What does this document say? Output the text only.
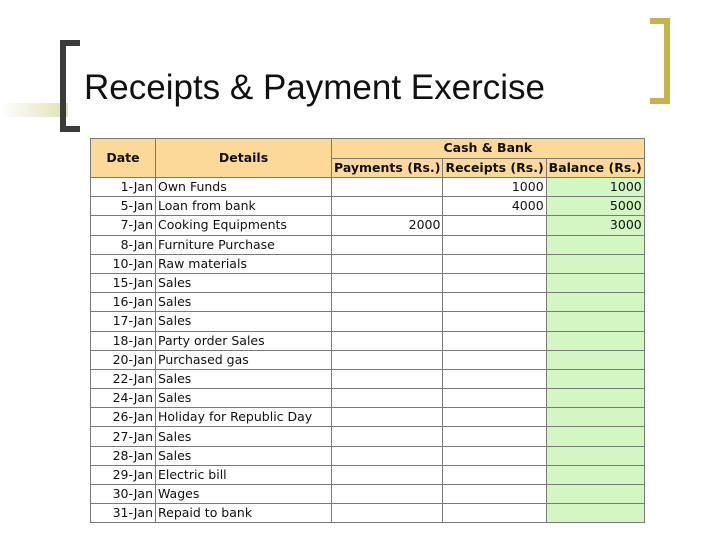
Receipts & Payment Exercise
Date	Details	Cash & Bank		
		Payments (Rs.)	Receipts (Rs.)	Balance (Rs.)
1-Jan	Own Funds		1000	1000
5-Jan	Loan from bank		4000	5000
7-Jan	Cooking Equipments	2000		3000
8-Jan	Furniture Purchase			
10-Jan	Raw materials			
15-Jan	Sales			
16-Jan	Sales			
17-Jan	Sales			
18-Jan	Party order Sales			
20-Jan	Purchased gas			
22-Jan	Sales			
24-Jan	Sales			
26-Jan	Holiday for Republic Day			
27-Jan	Sales			
28-Jan	Sales			
29-Jan	Electric bill			
30-Jan	Wages			
31-Jan	Repaid to bank			
